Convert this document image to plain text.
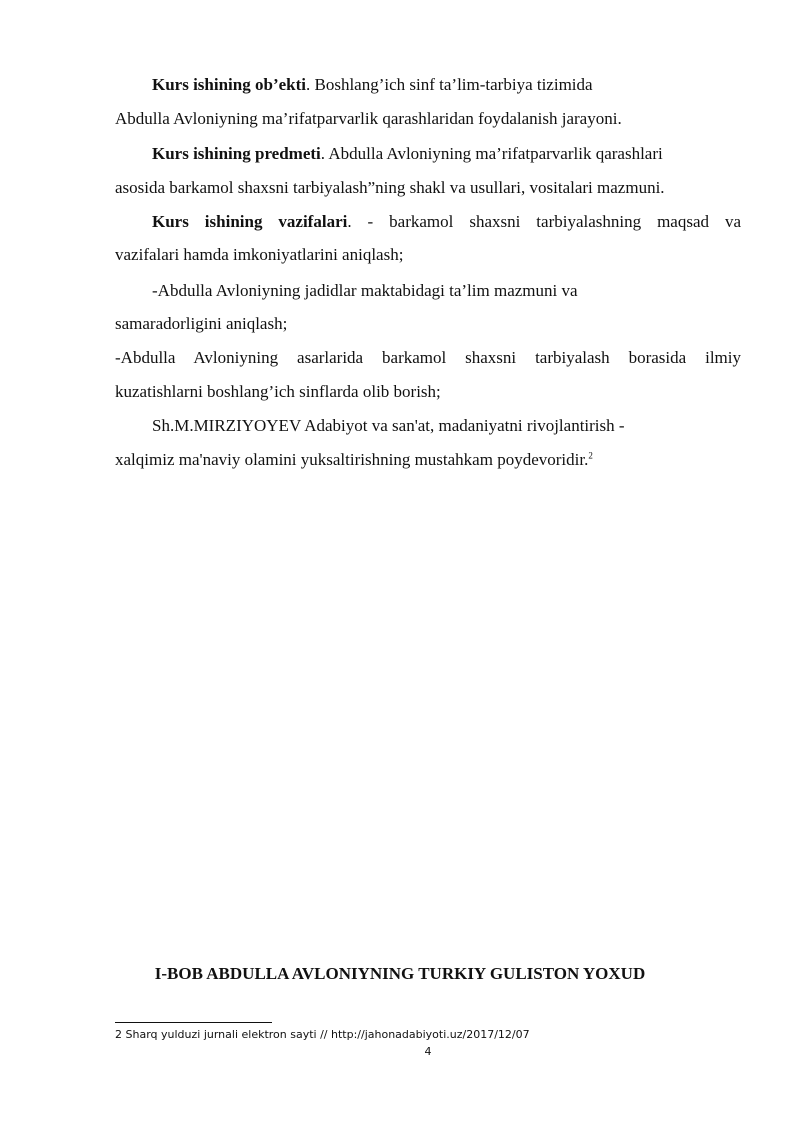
Kurs ishining ob’ekti. Boshlang’ich sinf ta’lim-tarbiya tizimida
Abdulla Avloniyning ma’rifatparvarlik qarashlaridan foydalanish jarayoni.
Kurs ishining predmeti. Abdulla Avloniyning ma’rifatparvarlik qarashlari
asosida barkamol shaxsni tarbiyalash”ning shakl va usullari, vositalari mazmuni.
Kurs ishining vazifalari. - barkamol shaxsni tarbiyalashning maqsad va
vazifalari hamda imkoniyatlarini aniqlash;
-Abdulla Avloniyning jadidlar maktabidagi ta’lim mazmuni va
samaradorligini aniqlash;
-Abdulla Avloniyning asarlarida barkamol shaxsni tarbiyalash borasida ilmiy
kuzatishlarni boshlang’ich sinflarda olib borish;
Sh.M.MIRZIYOYEV Adabiyot va san'at, madaniyatni rivojlantirish -
xalqimiz ma'naviy olamini yuksaltirishning mustahkam poydevoridir.$^2$
I-BOB ABDULLA AVLONIYNING TURKIY GULISTON YOXUD
2 Sharq yulduzi jurnali elektron sayti // http://jahonadabiyoti.uz/2017/12/07
4
